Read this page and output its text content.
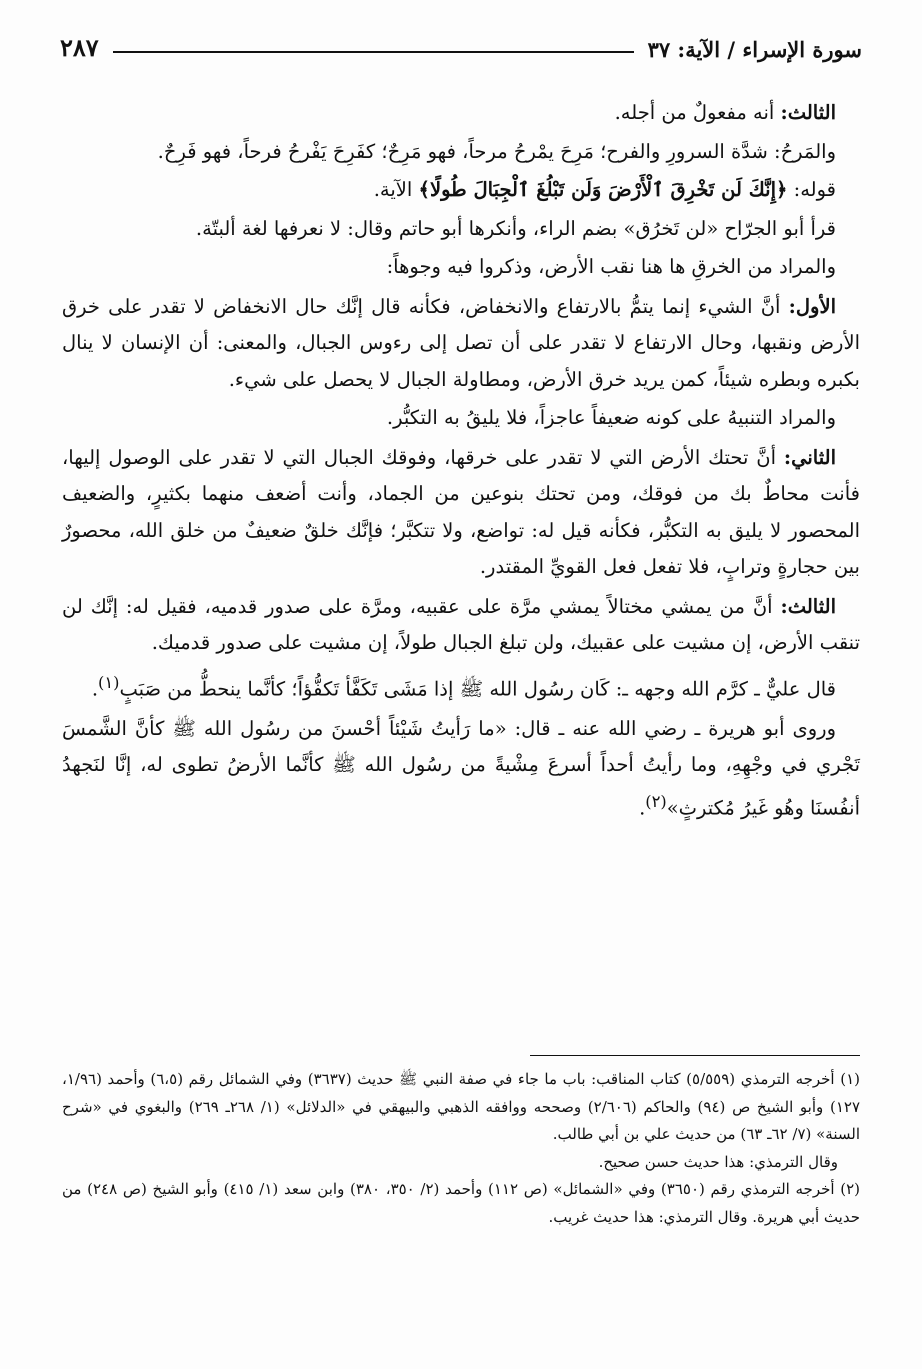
سورة الإسراء / الآية: ٣٧
٢٨٧

الثالث: أنه مفعولٌ من أجله.

والمَرحُ: شدَّة السرورِ والفرح؛ مَرِحَ يمْرحُ مرحاً، فهو مَرِحٌ؛ كفَرِحَ يَفْرحُ فرحاً، فهو فَرِحٌ.

قوله: ﴿إِنَّكَ لَن تَخْرِقَ ٱلْأَرْضَ وَلَن تَبْلُغَ ٱلْجِبَالَ طُولًا﴾ الآية.

قرأ أبو الجرّاح «لن تَخرُق» بضم الراء، وأنكرها أبو حاتم وقال: لا نعرفها لغة ألبتّة.

والمراد من الخرقِ ها هنا نقب الأرض، وذكروا فيه وجوهاً:

الأول: أنَّ الشيء إنما يتمُّ بالارتفاع والانخفاض، فكأنه قال إنَّك حال الانخفاض لا تقدر على خرق الأرض ونقبها، وحال الارتفاع لا تقدر على أن تصل إلى رءوس الجبال، والمعنى: أن الإنسان لا ينال بكبره وبطره شيئاً، كمن يريد خرق الأرض، ومطاولة الجبال لا يحصل على شيء.

والمراد التنبيهُ على كونه ضعيفاً عاجزاً، فلا يليقُ به التكبُّر.

الثاني: أنَّ تحتك الأرض التي لا تقدر على خرقها، وفوقك الجبال التي لا تقدر على الوصول إليها، فأنت محاطٌ بك من فوقك، ومن تحتك بنوعين من الجماد، وأنت أضعف منهما بكثيرٍ، والضعيف المحصور لا يليق به التكبُّر، فكأنه قيل له: تواضع، ولا تتكبَّر؛ فإنَّك خلقٌ ضعيفٌ من خلق الله، محصورٌ بين حجارةٍ وترابٍ، فلا تفعل فعل القويِّ المقتدر.

الثالث: أنَّ من يمشي مختالاً يمشي مرَّة على عقبيه، ومرَّة على صدور قدميه، فقيل له: إنَّك لن تنقب الأرض، إن مشيت على عقبيك، ولن تبلغ الجبال طولاً، إن مشيت على صدور قدميك.

قال عليٌّ ـ كرَّم الله وجهه ـ: كَان رسُول الله ﷺ إذا مَشَى تَكَفَّأ تَكفُّؤاً؛ كأنَّما ينحطُّ من صَبَبٍ$^{(١)}$.

وروى أبو هريرة ـ رضي الله عنه ـ قال: «ما رَأيتُ شَيْئاً أحْسنَ من رسُول الله ﷺ كأنَّ الشَّمسَ تَجْري في وجْهِهِ، وما رأيتُ أحداً أسرعَ مِشْيةً من رسُول الله ﷺ كأنَّما الأرضُ تطوى له، إنَّا لنَجهدُ أنفُسنَا وهُو غَيرُ مُكترثٍ»$^{(٢)}$.

(١) أخرجه الترمذي (٥/٥٥٩) كتاب المناقب: باب ما جاء في صفة النبي ﷺ حديث (٣٦٣٧) وفي الشمائل رقم (٦،٥) وأحمد (١/٩٦، ١٢٧) وأبو الشيخ ص (٩٤) والحاكم (٢/٦٠٦) وصححه ووافقه الذهبي والبيهقي في «الدلائل» (١/ ٢٦٨ـ ٢٦٩) والبغوي في «شرح السنة» (٧/ ٦٢ـ ٦٣) من حديث علي بن أبي طالب.

وقال الترمذي: هذا حديث حسن صحيح.

(٢) أخرجه الترمذي رقم (٣٦٥٠) وفي «الشمائل» (ص ١١٢) وأحمد (٢/ ٣٥٠، ٣٨٠) وابن سعد (١/ ٤١٥) وأبو الشيخ (ص ٢٤٨) من حديث أبي هريرة. وقال الترمذي: هذا حديث غريب.
